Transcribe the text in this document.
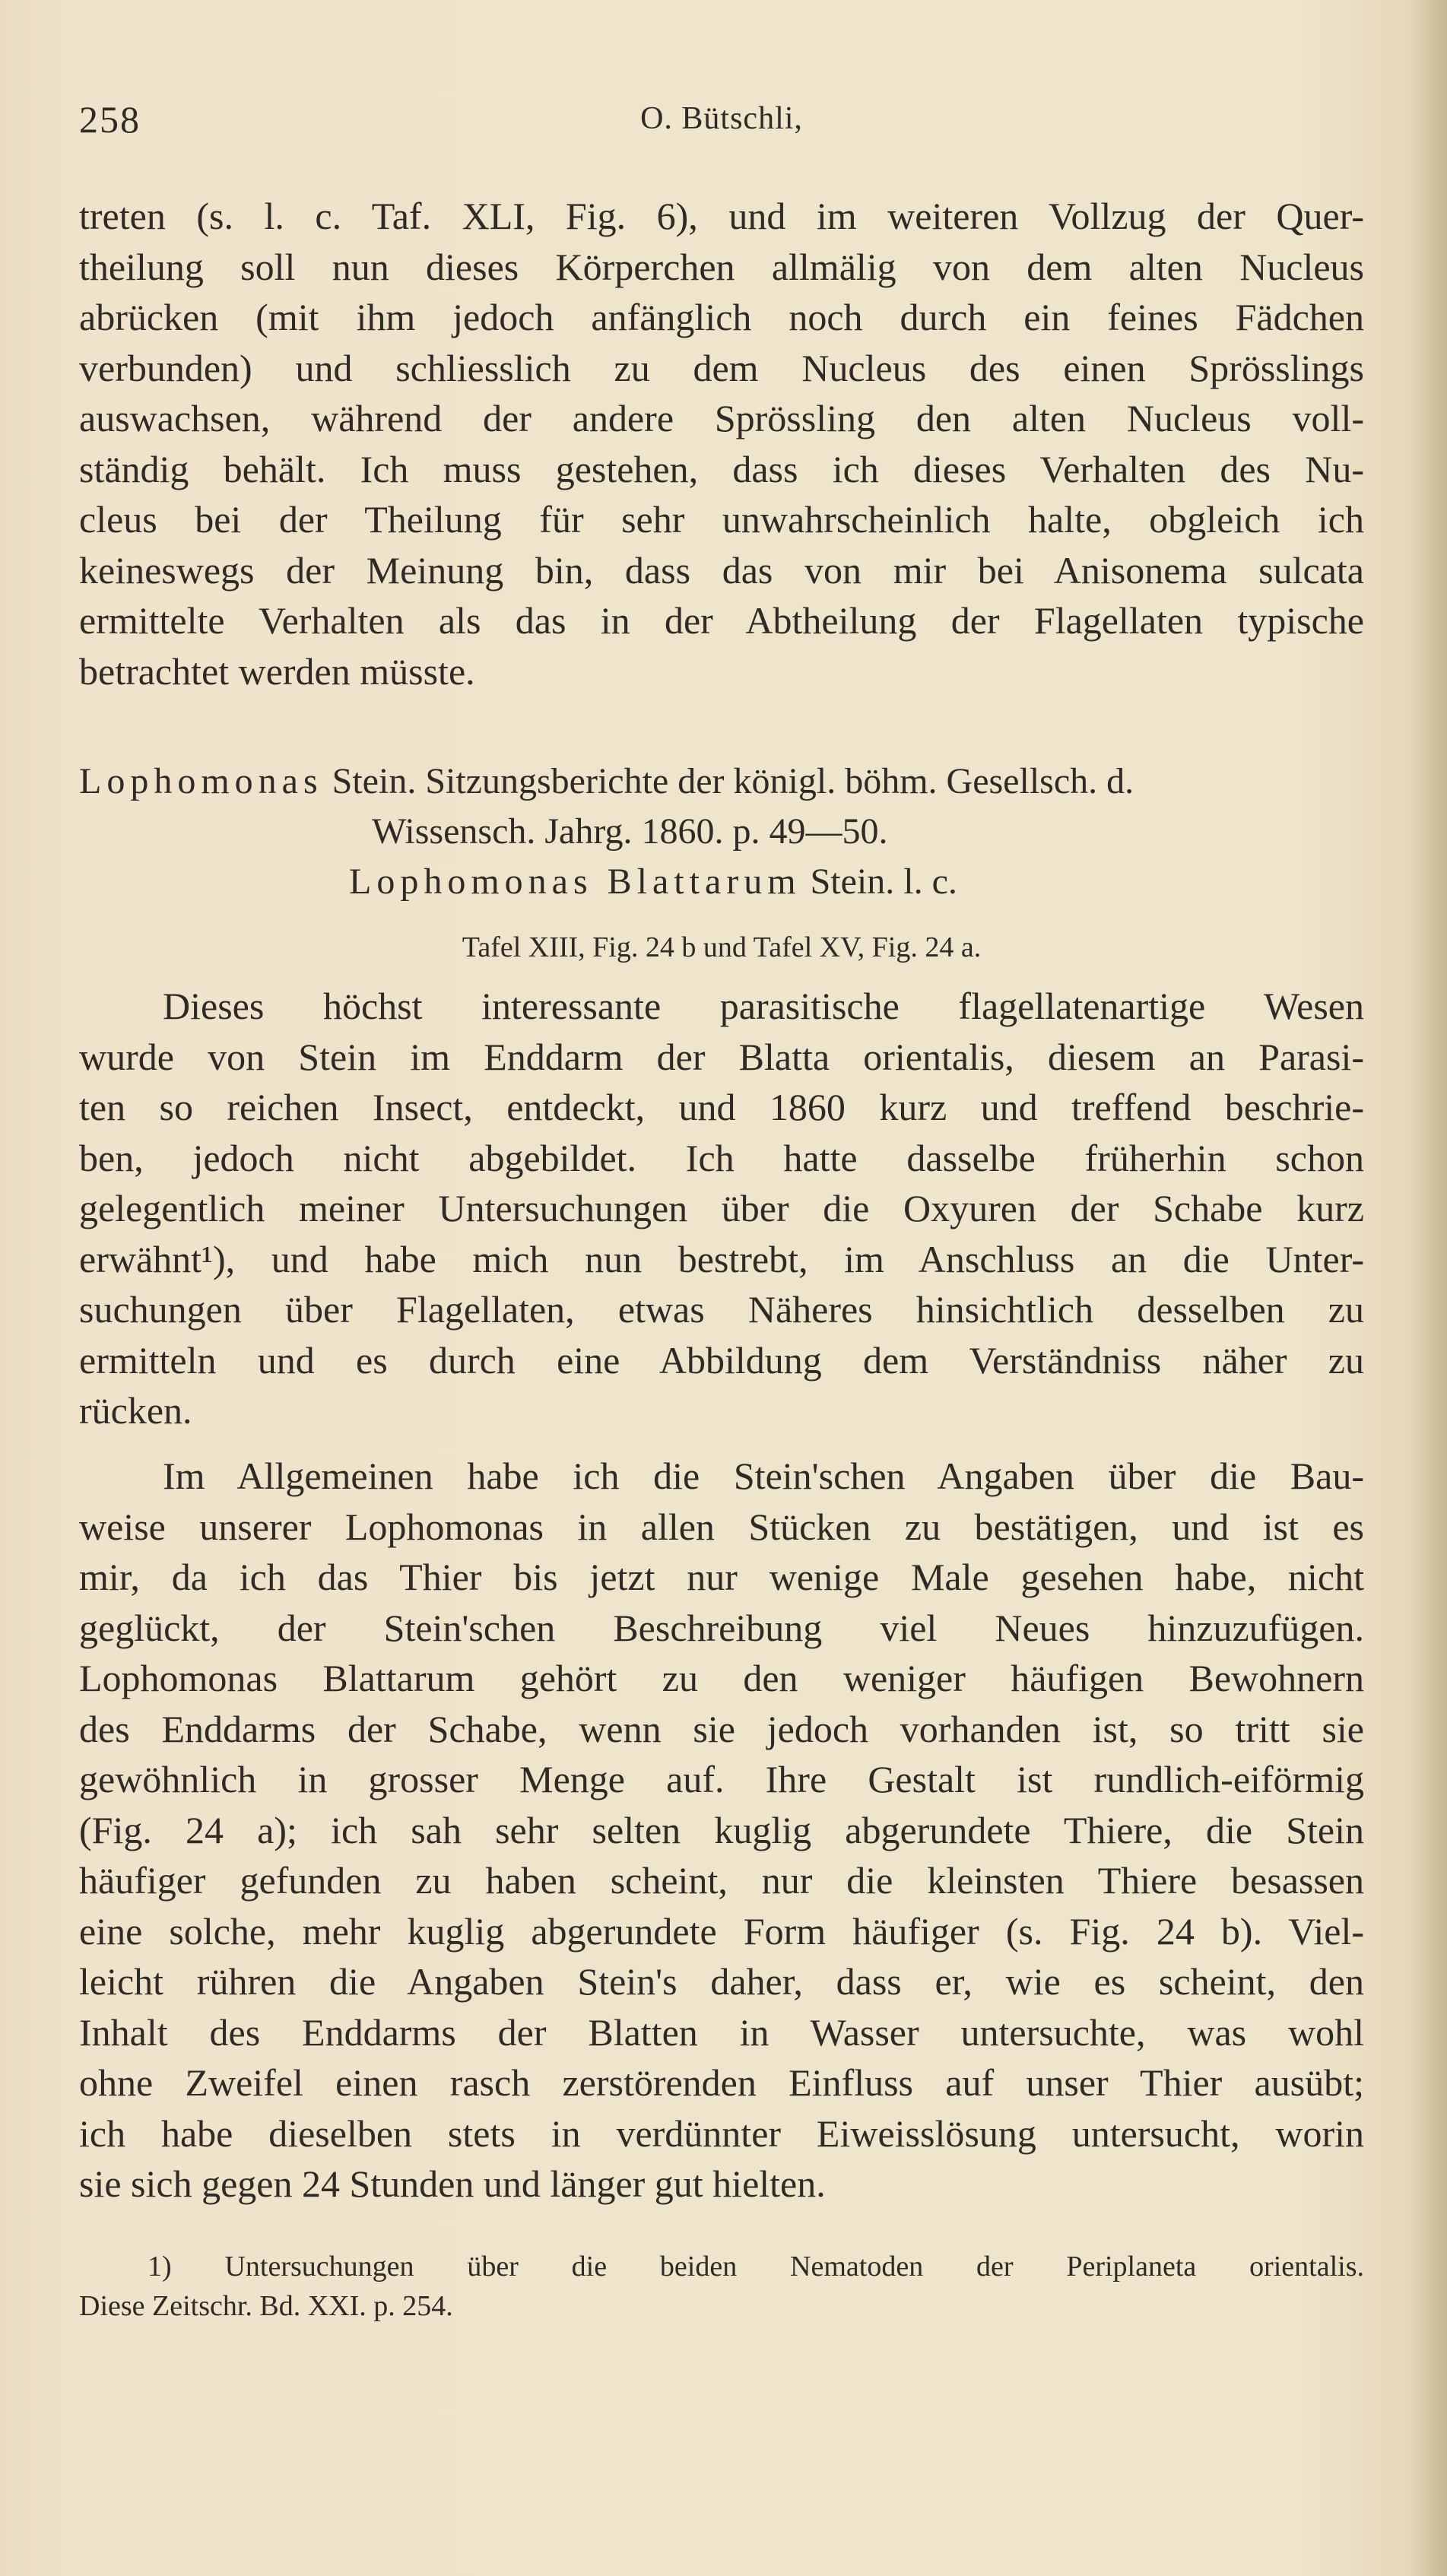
258	O. Bütschli,
treten (s. l. c. Taf. XLI, Fig. 6), und im weiteren Vollzug der Quer-
theilung soll nun dieses Körperchen allmälig von dem alten Nucleus
abrücken (mit ihm jedoch anfänglich noch durch ein feines Fädchen
verbunden) und schliesslich zu dem Nucleus des einen Sprösslings
auswachsen, während der andere Sprössling den alten Nucleus voll-
ständig behält. Ich muss gestehen, dass ich dieses Verhalten des Nu-
cleus bei der Theilung für sehr unwahrscheinlich halte, obgleich ich
keineswegs der Meinung bin, dass das von mir bei Anisonema sulcata
ermittelte Verhalten als das in der Abtheilung der Flagellaten typische
betrachtet werden müsste.
Lophomonas Stein. Sitzungsberichte der königl. böhm. Gesellsch. d.
Wissensch. Jahrg. 1860. p. 49—50.
Lophomonas Blattarum Stein. l. c.
Tafel XIII, Fig. 24 b und Tafel XV, Fig. 24 a.
Dieses höchst interessante parasitische flagellatenartige Wesen
wurde von Stein im Enddarm der Blatta orientalis, diesem an Parasi-
ten so reichen Insect, entdeckt, und 1860 kurz und treffend beschrie-
ben, jedoch nicht abgebildet. Ich hatte dasselbe früherhin schon
gelegentlich meiner Untersuchungen über die Oxyuren der Schabe kurz
erwähnt¹), und habe mich nun bestrebt, im Anschluss an die Unter-
suchungen über Flagellaten, etwas Näheres hinsichtlich desselben zu
ermitteln und es durch eine Abbildung dem Verständniss näher zu
rücken.
Im Allgemeinen habe ich die Stein'schen Angaben über die Bau-
weise unserer Lophomonas in allen Stücken zu bestätigen, und ist es
mir, da ich das Thier bis jetzt nur wenige Male gesehen habe, nicht
geglückt, der Stein'schen Beschreibung viel Neues hinzuzufügen.
Lophomonas Blattarum gehört zu den weniger häufigen Bewohnern
des Enddarms der Schabe, wenn sie jedoch vorhanden ist, so tritt sie
gewöhnlich in grosser Menge auf. Ihre Gestalt ist rundlich-eiförmig
(Fig. 24 a); ich sah sehr selten kuglig abgerundete Thiere, die Stein
häufiger gefunden zu haben scheint, nur die kleinsten Thiere besassen
eine solche, mehr kuglig abgerundete Form häufiger (s. Fig. 24 b). Viel-
leicht rühren die Angaben Stein's daher, dass er, wie es scheint, den
Inhalt des Enddarms der Blatten in Wasser untersuchte, was wohl
ohne Zweifel einen rasch zerstörenden Einfluss auf unser Thier ausübt;
ich habe dieselben stets in verdünnter Eiweisslösung untersucht, worin
sie sich gegen 24 Stunden und länger gut hielten.
1) Untersuchungen über die beiden Nematoden der Periplaneta orientalis.
Diese Zeitschr. Bd. XXI. p. 254.
